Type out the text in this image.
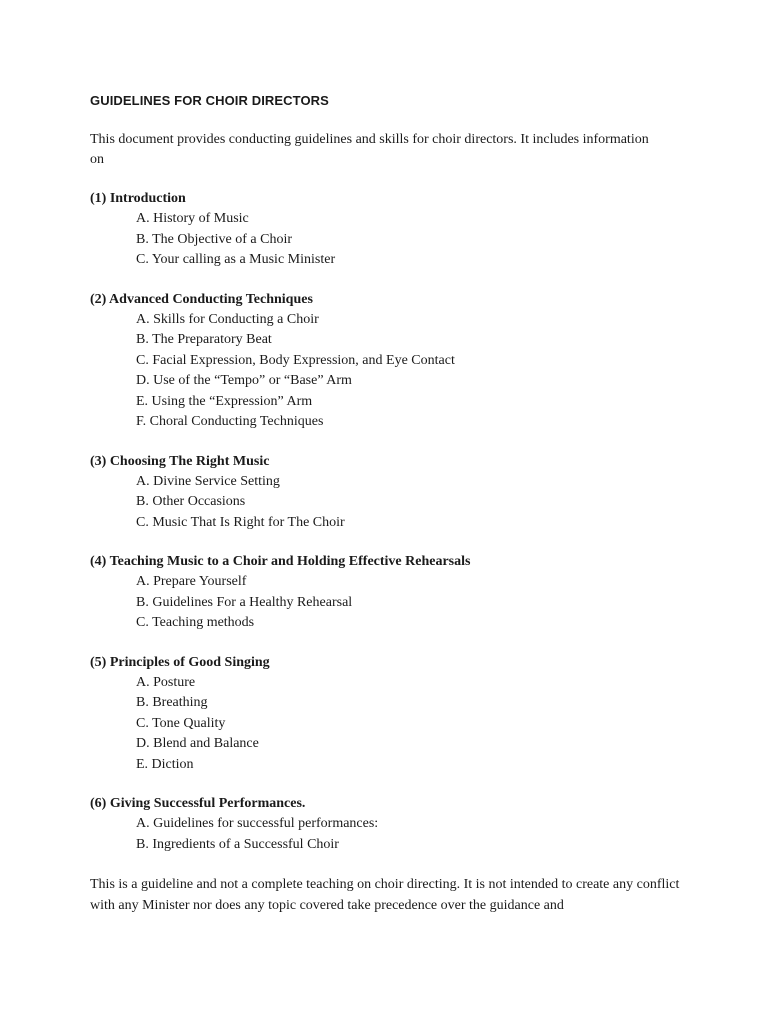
GUIDELINES FOR CHOIR DIRECTORS

This document provides conducting guidelines and skills for choir directors. It includes information on

(1) Introduction
A. History of Music
B. The Objective of a Choir
C. Your calling as a Music Minister
(2) Advanced Conducting Techniques
A. Skills for Conducting a Choir
B. The Preparatory Beat
C. Facial Expression, Body Expression, and Eye Contact
D. Use of the “Tempo” or “Base” Arm
E. Using the “Expression” Arm
F. Choral Conducting Techniques
(3) Choosing The Right Music
A. Divine Service Setting
B. Other Occasions
C. Music That Is Right for The Choir
(4) Teaching Music to a Choir and Holding Effective Rehearsals
A. Prepare Yourself
B. Guidelines For a Healthy Rehearsal
C. Teaching methods
(5) Principles of Good Singing
A. Posture
B. Breathing
C. Tone Quality
D. Blend and Balance
E. Diction
(6) Giving Successful Performances.
A. Guidelines for successful performances:
B. Ingredients of a Successful Choir

This is a guideline and not a complete teaching on choir directing. It is not intended to create any conflict with any Minister nor does any topic covered take precedence over the guidance and
